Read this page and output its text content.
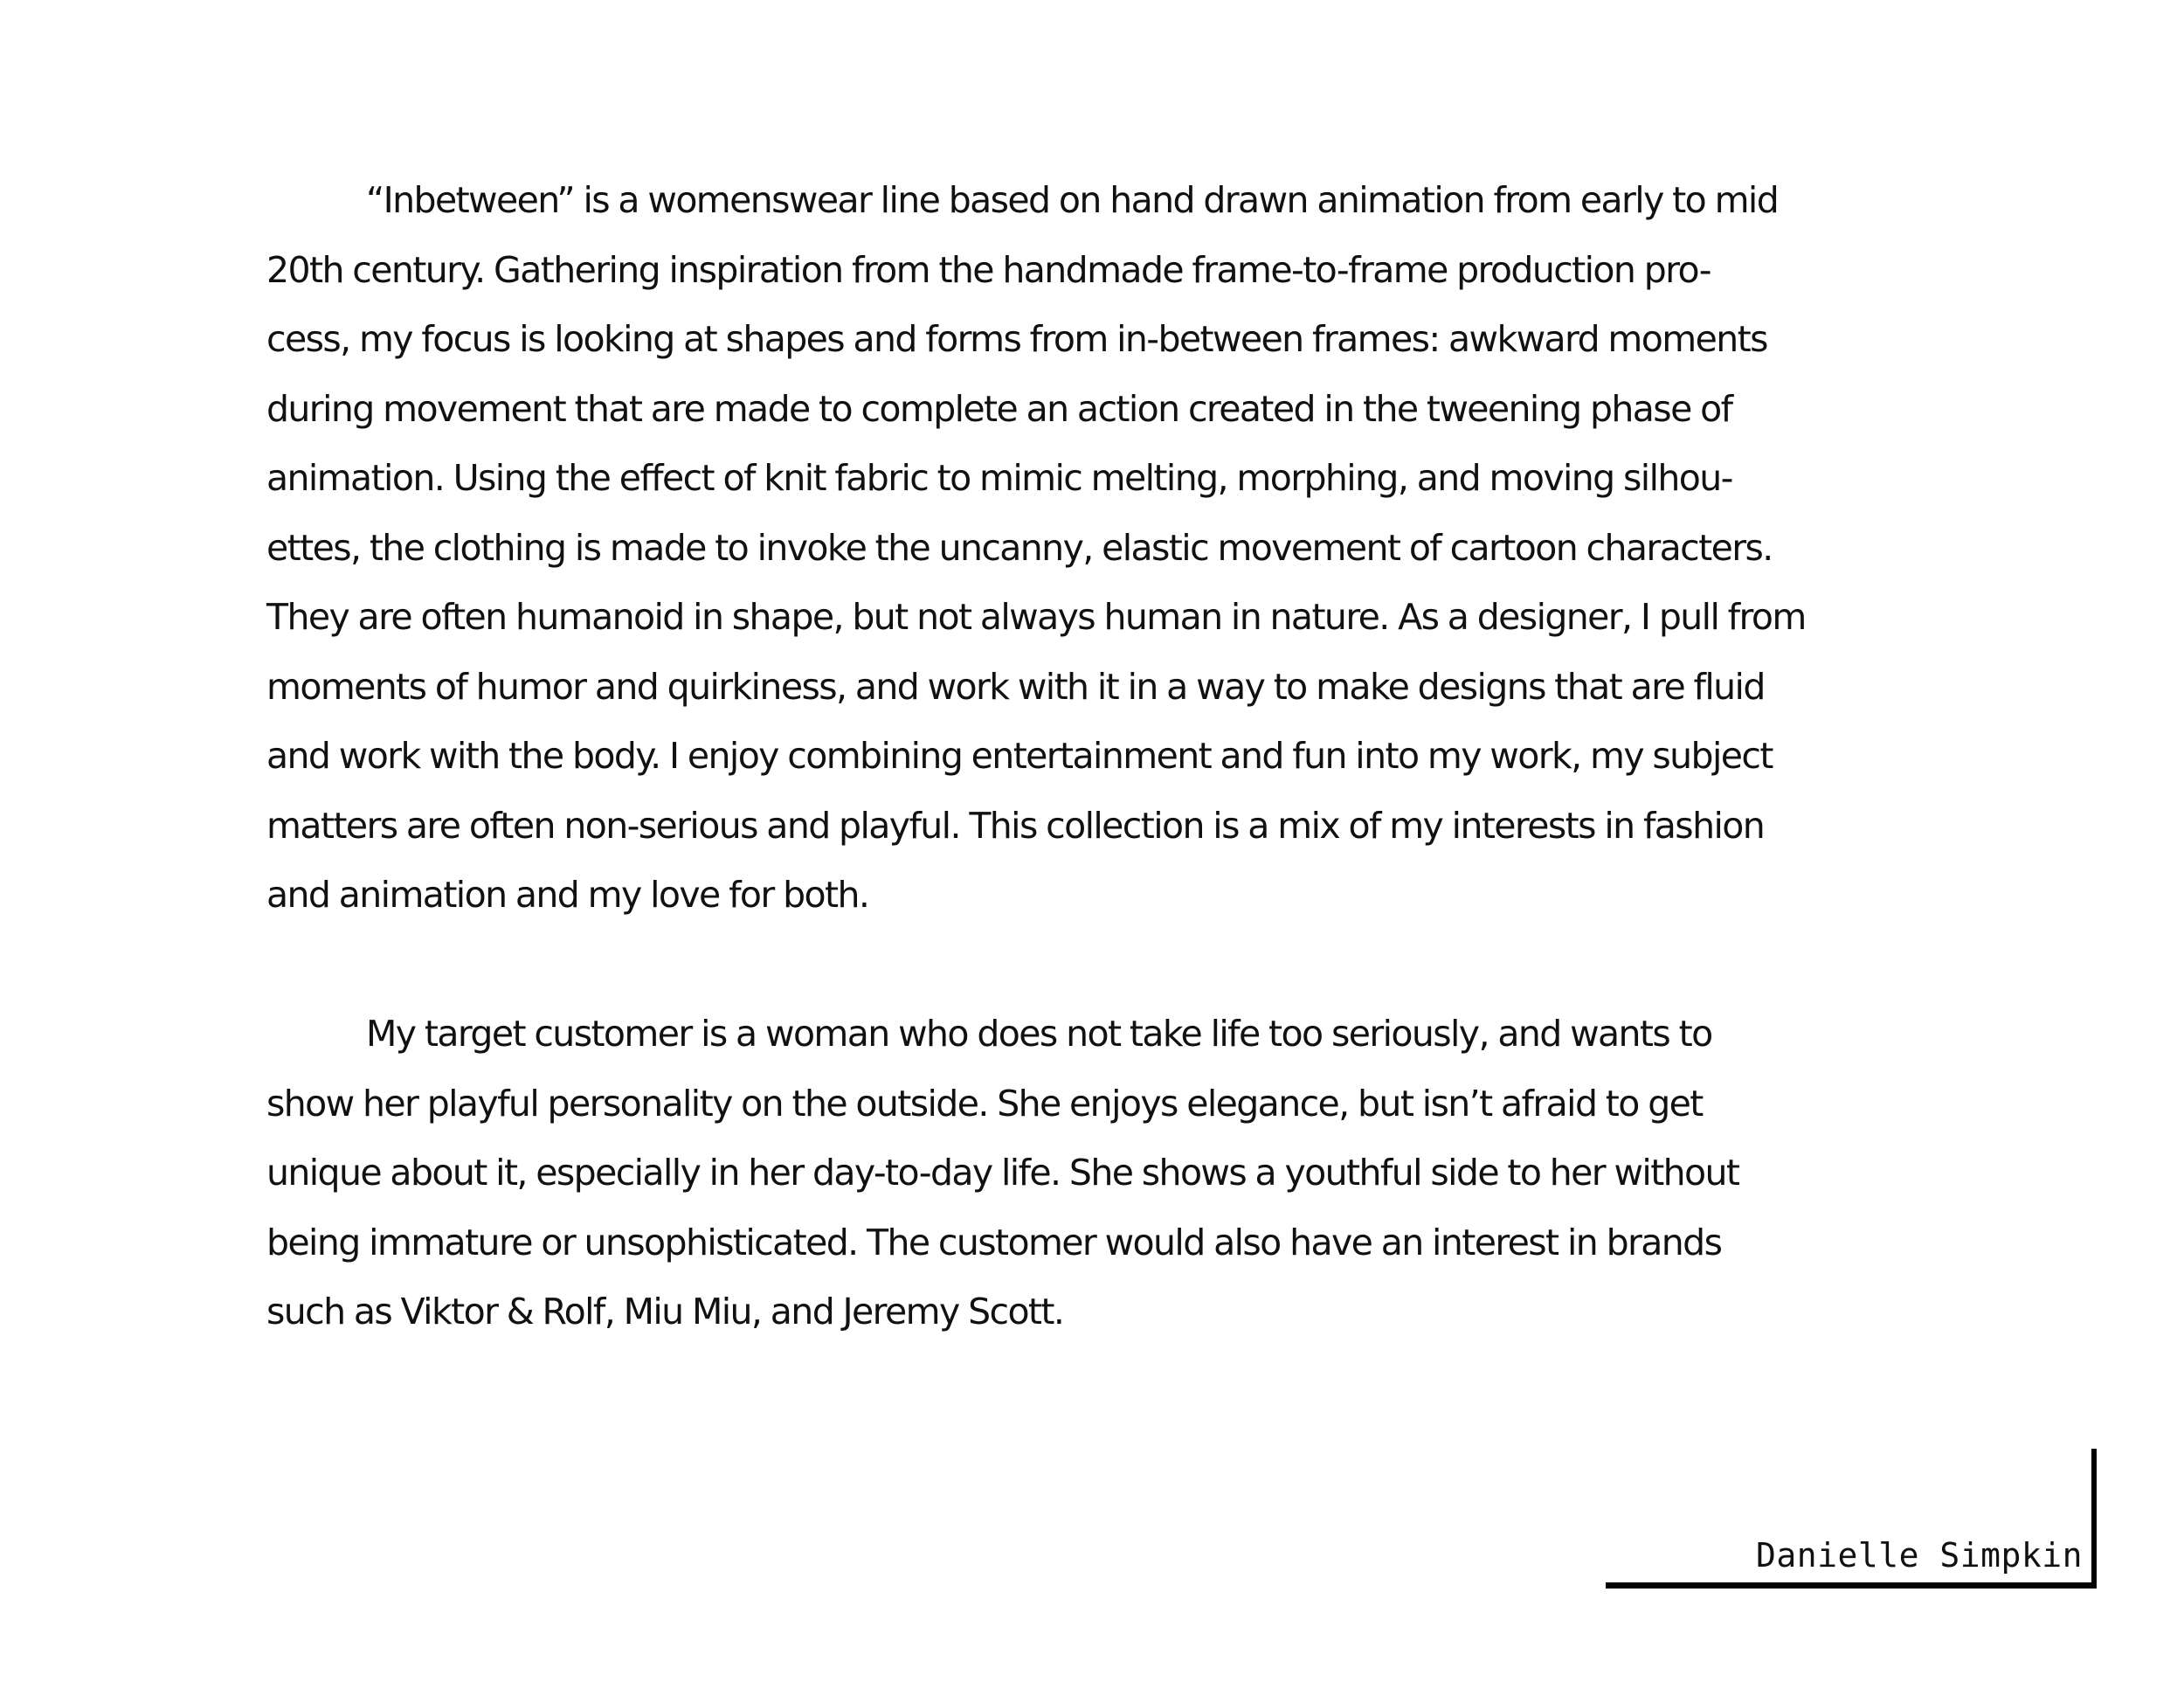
“Inbetween” is a womenswear line based on hand drawn animation from early to mid
20th century. Gathering inspiration from the handmade frame-to-frame production pro-
cess, my focus is looking at shapes and forms from in-between frames: awkward moments
during movement that are made to complete an action created in the tweening phase of
animation. Using the effect of knit fabric to mimic melting, morphing, and moving silhou-
ettes, the clothing is made to invoke the uncanny, elastic movement of cartoon characters.
They are often humanoid in shape, but not always human in nature. As a designer, I pull from
moments of humor and quirkiness, and work with it in a way to make designs that are fluid
and work with the body. I enjoy combining entertainment and fun into my work, my subject
matters are often non-serious and playful. This collection is a mix of my interests in fashion
and animation and my love for both.

My target customer is a woman who does not take life too seriously, and wants to
show her playful personality on the outside. She enjoys elegance, but isn’t afraid to get
unique about it, especially in her day-to-day life. She shows a youthful side to her without
being immature or unsophisticated. The customer would also have an interest in brands
such as Viktor & Rolf, Miu Miu, and Jeremy Scott.

Danielle Simpkin
